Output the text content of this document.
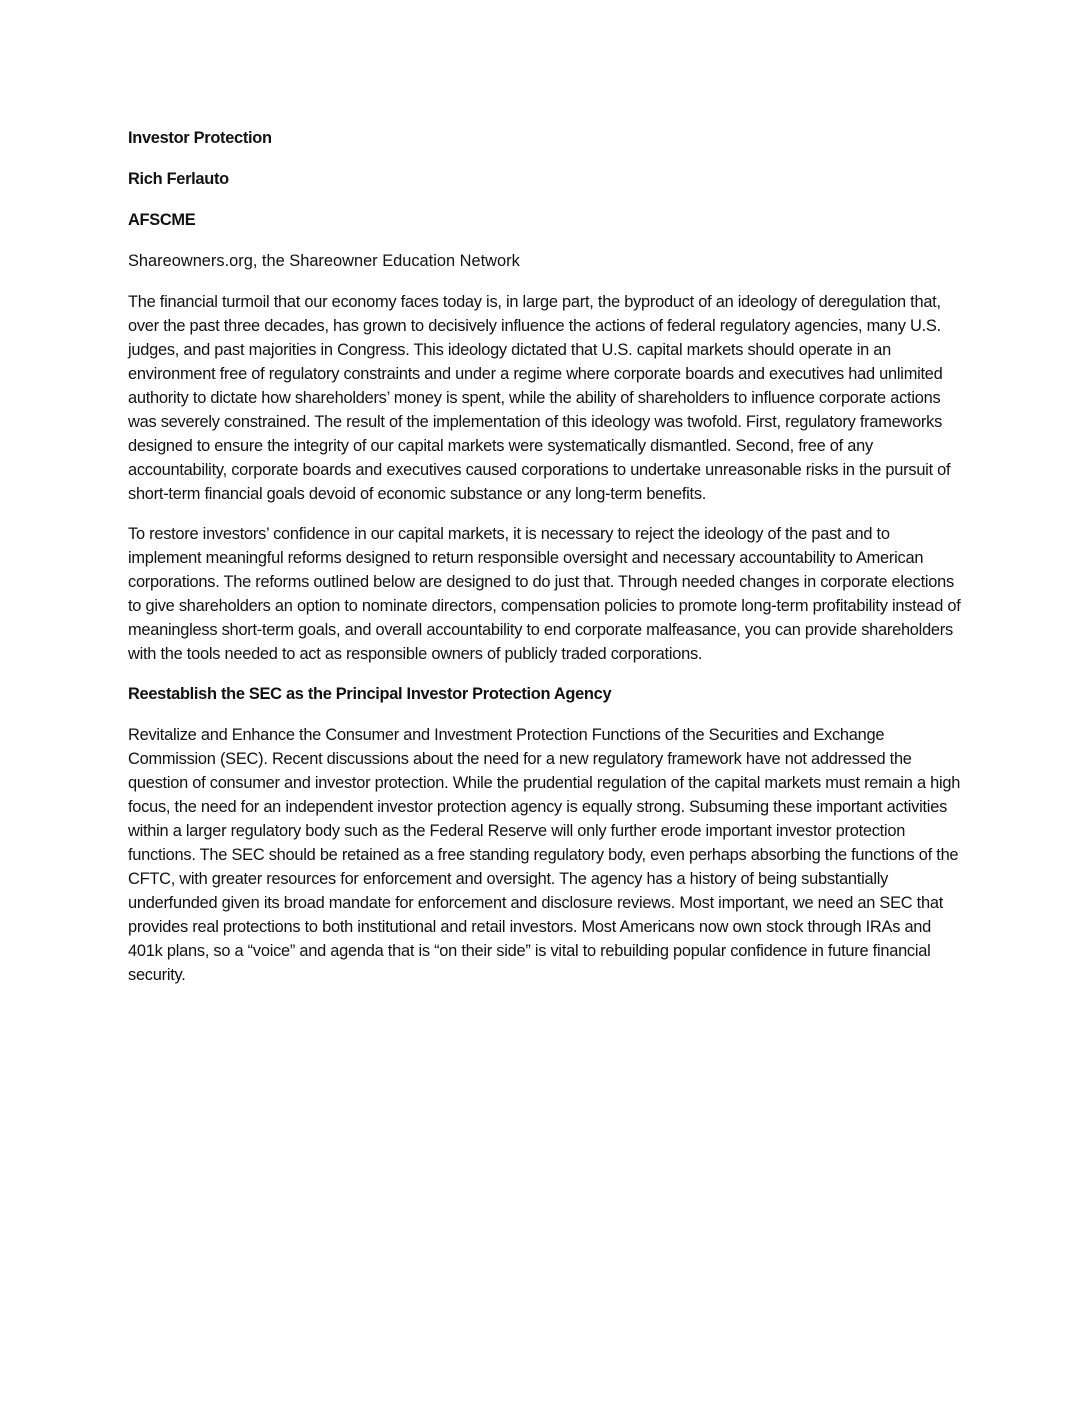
Investor Protection

Rich Ferlauto

AFSCME

Shareowners.org, the Shareowner Education Network

The financial turmoil that our economy faces today is, in large part, the byproduct of an ideology of deregulation that, over the past three decades, has grown to decisively influence the actions of federal regulatory agencies, many U.S. judges, and past majorities in Congress. This ideology dictated that U.S. capital markets should operate in an environment free of regulatory constraints and under a regime where corporate boards and executives had unlimited authority to dictate how shareholders’ money is spent, while the ability of shareholders to influence corporate actions was severely constrained. The result of the implementation of this ideology was twofold. First, regulatory frameworks designed to ensure the integrity of our capital markets were systematically dismantled. Second, free of any accountability, corporate boards and executives caused corporations to undertake unreasonable risks in the pursuit of short-term financial goals devoid of economic substance or any long-term benefits.

To restore investors’ confidence in our capital markets, it is necessary to reject the ideology of the past and to implement meaningful reforms designed to return responsible oversight and necessary accountability to American corporations. The reforms outlined below are designed to do just that. Through needed changes in corporate elections to give shareholders an option to nominate directors, compensation policies to promote long-term profitability instead of meaningless short-term goals, and overall accountability to end corporate malfeasance, you can provide shareholders with the tools needed to act as responsible owners of publicly traded corporations.

Reestablish the SEC as the Principal Investor Protection Agency

Revitalize and Enhance the Consumer and Investment Protection Functions of the Securities and Exchange Commission (SEC). Recent discussions about the need for a new regulatory framework have not addressed the question of consumer and investor protection. While the prudential regulation of the capital markets must remain a high focus, the need for an independent investor protection agency is equally strong. Subsuming these important activities within a larger regulatory body such as the Federal Reserve will only further erode important investor protection functions. The SEC should be retained as a free standing regulatory body, even perhaps absorbing the functions of the CFTC, with greater resources for enforcement and oversight. The agency has a history of being substantially underfunded given its broad mandate for enforcement and disclosure reviews. Most important, we need an SEC that provides real protections to both institutional and retail investors. Most Americans now own stock through IRAs and 401k plans, so a “voice” and agenda that is “on their side” is vital to rebuilding popular confidence in future financial security.
